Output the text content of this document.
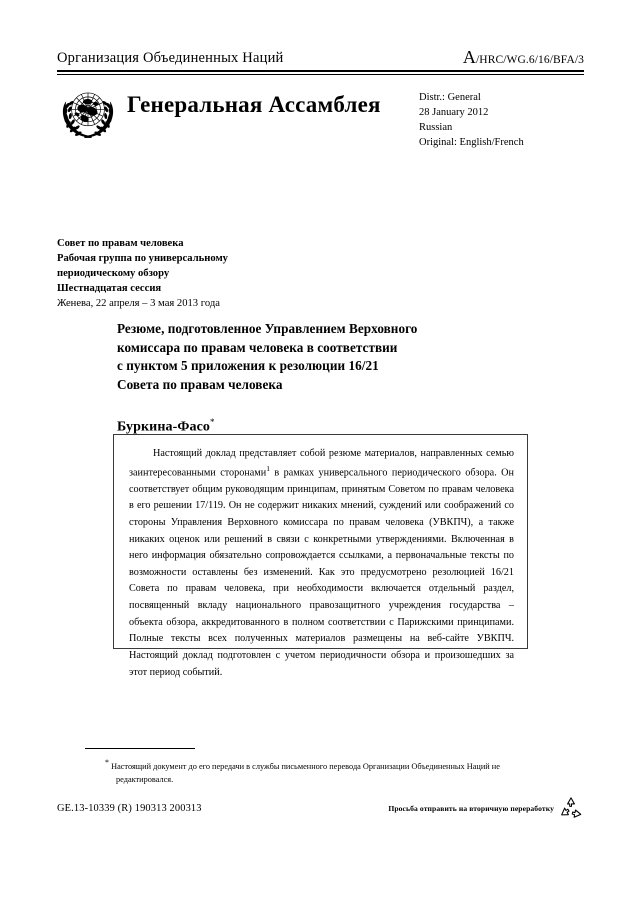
Организация Объединенных Наций	A/HRC/WG.6/16/BFA/3
Генеральная Ассамблея	Distr.: General
28 January 2012
Russian
Original: English/French
Совет по правам человека
Рабочая группа по универсальному
периодическому обзору
Шестнадцатая сессия
Женева, 22 апреля – 3 мая 2013 года
Резюме, подготовленное Управлением Верховного
комиссара по правам человека в соответствии
с пунктом 5 приложения к резолюции 16/21
Совета по правам человека
Буркина-Фасо*
Настоящий доклад представляет собой резюме материалов, направленных семью заинтересованными сторонами$^1$ в рамках универсального периодического обзора. Он соответствует общим руководящим принципам, принятым Советом по правам человека в его решении 17/119. Он не содержит никаких мнений, суждений или соображений со стороны Управления Верховного комиссара по правам человека (УВКПЧ), а также никаких оценок или решений в связи с конкретными утверждениями. Включенная в него информация обязательно сопровождается ссылками, а первоначальные тексты по возможности оставлены без изменений. Как это предусмотрено резолюцией 16/21 Совета по правам человека, при необходимости включается отдельный раздел, посвященный вкладу национального правозащитного учреждения государства – объекта обзора, аккредитованного в полном соответствии с Парижскими принципами. Полные тексты всех полученных материалов размещены на веб-сайте УВКПЧ. Настоящий доклад подготовлен с учетом периодичности обзора и произошедших за этот период событий.
* Настоящий документ до его передачи в службы письменного перевода Организации Объединенных Наций не редактировался.
GE.13-10339 (R) 190313 200313	Просьба отправить на вторичную переработку
